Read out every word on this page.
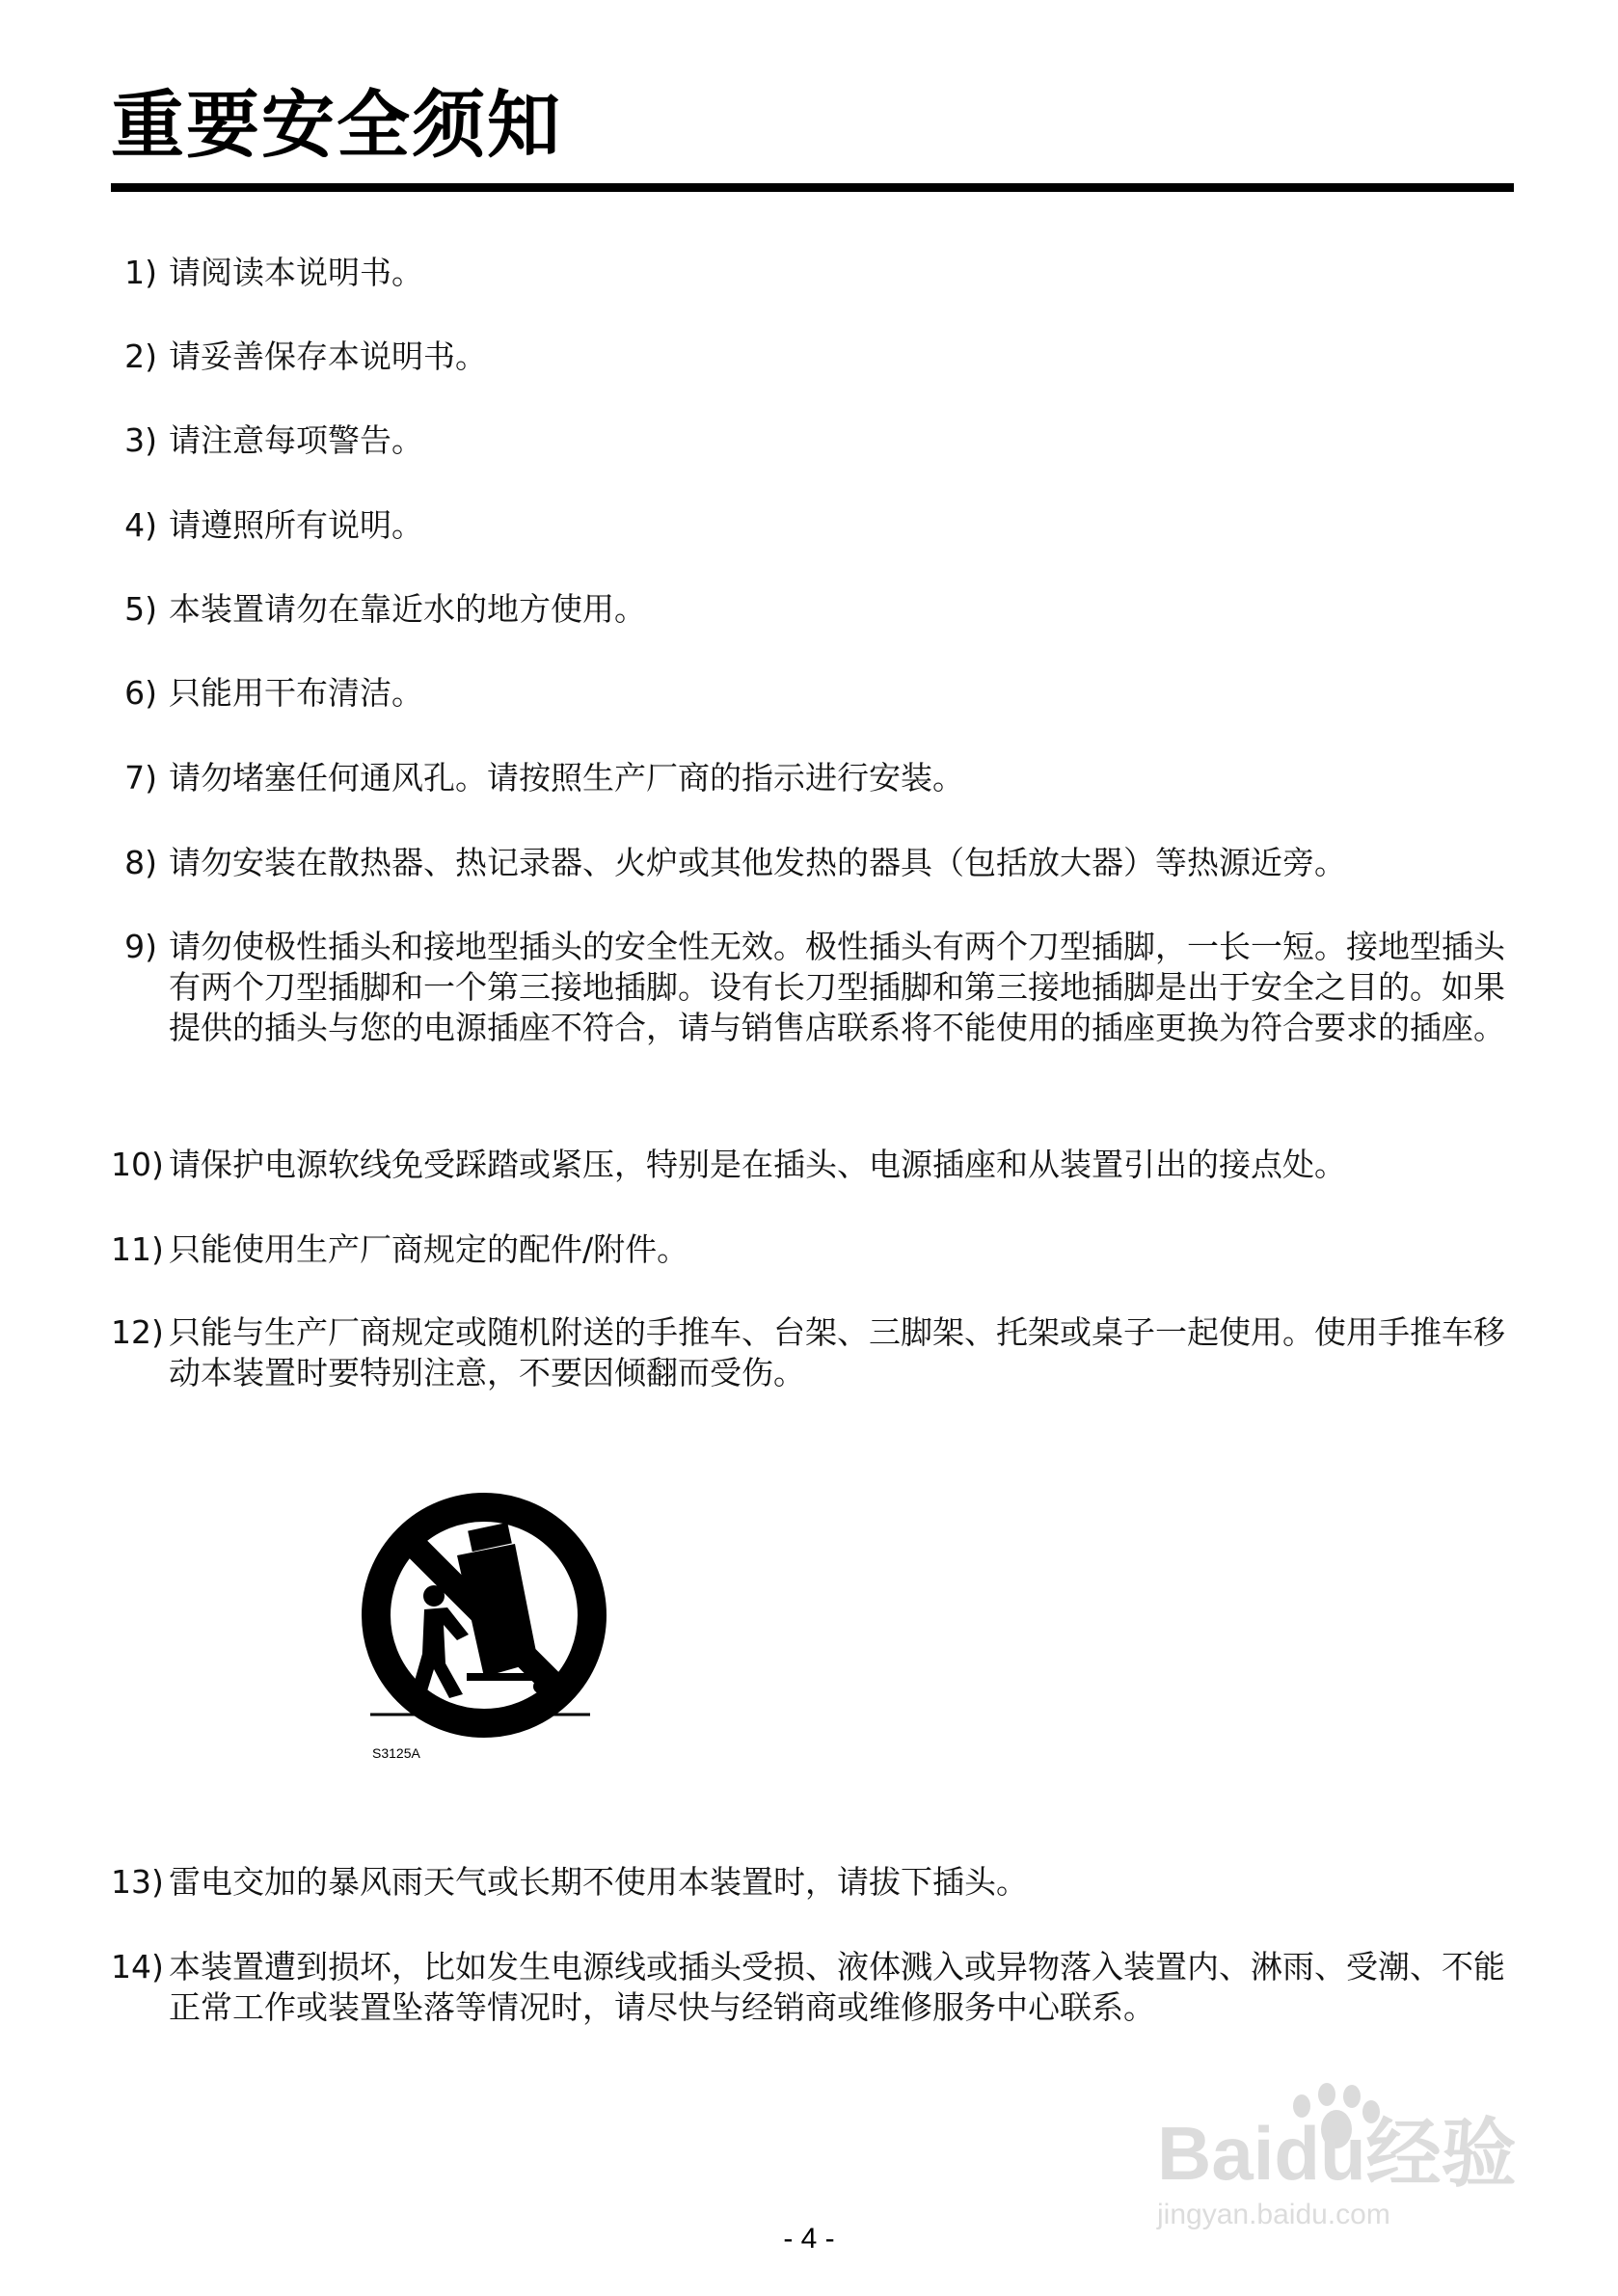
重要安全须知
1) 请阅读本说明书。
2) 请妥善保存本说明书。
3) 请注意每项警告。
4) 请遵照所有说明。
5) 本装置请勿在靠近水的地方使用。
6) 只能用干布清洁。
7) 请勿堵塞任何通风孔。请按照生产厂商的指示进行安装。
8) 请勿安装在散热器、热记录器、火炉或其他发热的器具（包括放大器）等热源近旁。
9) 请勿使极性插头和接地型插头的安全性无效。极性插头有两个刀型插脚，一长一短。接地型插头有两个刀型插脚和一个第三接地插脚。设有长刀型插脚和第三接地插脚是出于安全之目的。如果提供的插头与您的电源插座不符合，请与销售店联系将不能使用的插座更换为符合要求的插座。
10) 请保护电源软线免受踩踏或紧压，特别是在插头、电源插座和从装置引出的接点处。
11) 只能使用生产厂商规定的配件/附件。
12) 只能与生产厂商规定或随机附送的手推车、台架、三脚架、托架或桌子一起使用。使用手推车移动本装置时要特别注意，不要因倾翻而受伤。
S3125A
13) 雷电交加的暴风雨天气或长期不使用本装置时，请拔下插头。
14) 本装置遭到损坏，比如发生电源线或插头受损、液体溅入或异物落入装置内、淋雨、受潮、不能正常工作或装置坠落等情况时，请尽快与经销商或维修服务中心联系。
Baidu经验
jingyan.baidu.com
- 4 -
